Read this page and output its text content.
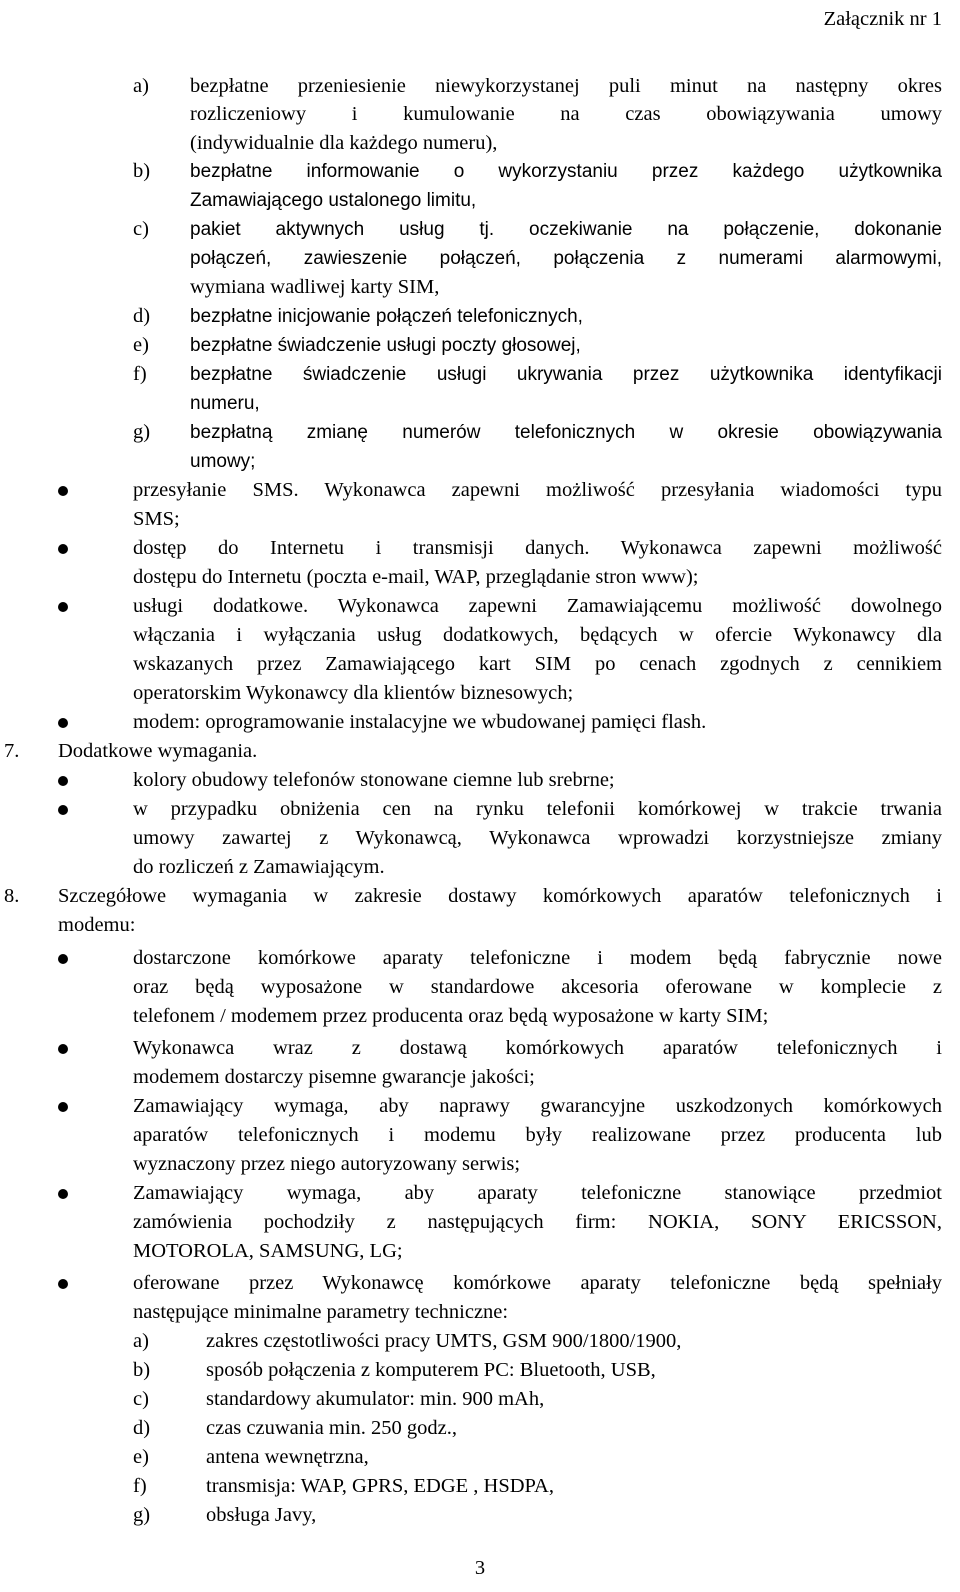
Załącznik nr 1
a) bezpłatne przeniesienie niewykorzystanej puli minut na następny okres
rozliczeniowy i kumulowanie na czas obowiązywania umowy
(indywidualnie dla każdego numeru),
b) bezpłatne informowanie o wykorzystaniu przez każdego użytkownika
Zamawiającego ustalonego limitu,
c) pakiet aktywnych usług tj. oczekiwanie na połączenie, dokonanie
połączeń, zawieszenie połączeń, połączenia z numerami alarmowymi,
wymiana wadliwej karty SIM,
d) bezpłatne inicjowanie połączeń telefonicznych,
e) bezpłatne świadczenie usługi poczty głosowej,
f) bezpłatne świadczenie usługi ukrywania przez użytkownika identyfikacji
numeru,
g) bezpłatną zmianę numerów telefonicznych w okresie obowiązywania
umowy;
przesyłanie SMS. Wykonawca zapewni możliwość przesyłania wiadomości typu
SMS;
dostęp do Internetu i transmisji danych. Wykonawca zapewni możliwość
dostępu do Internetu (poczta e-mail, WAP, przeglądanie stron www);
usługi dodatkowe. Wykonawca zapewni Zamawiającemu możliwość dowolnego
włączania i wyłączania usług dodatkowych, będących w ofercie Wykonawcy dla
wskazanych przez Zamawiającego kart SIM po cenach zgodnych z cennikiem
operatorskim Wykonawcy dla klientów biznesowych;
modem: oprogramowanie instalacyjne we wbudowanej pamięci flash.
7. Dodatkowe wymagania.
kolory obudowy telefonów stonowane ciemne lub srebrne;
w przypadku obniżenia cen na rynku telefonii komórkowej w trakcie trwania
umowy zawartej z Wykonawcą, Wykonawca wprowadzi korzystniejsze zmiany
do rozliczeń z Zamawiającym.
8. Szczegółowe wymagania w zakresie dostawy komórkowych aparatów telefonicznych i
modemu:
dostarczone komórkowe aparaty telefoniczne i modem będą fabrycznie nowe
oraz będą wyposażone w standardowe akcesoria oferowane w komplecie z
telefonem / modemem przez producenta oraz będą wyposażone w karty SIM;
Wykonawca wraz z dostawą komórkowych aparatów telefonicznych i
modemem dostarczy pisemne gwarancje jakości;
Zamawiający wymaga, aby naprawy gwarancyjne uszkodzonych komórkowych
aparatów telefonicznych i modemu były realizowane przez producenta lub
wyznaczony przez niego autoryzowany serwis;
Zamawiający wymaga, aby aparaty telefoniczne stanowiące przedmiot
zamówienia pochodziły z następujących firm: NOKIA, SONY ERICSSON,
MOTOROLA, SAMSUNG, LG;
oferowane przez Wykonawcę komórkowe aparaty telefoniczne będą spełniały
następujące minimalne parametry techniczne:
a)	zakres częstotliwości pracy UMTS, GSM 900/1800/1900,
b)	sposób połączenia z komputerem PC: Bluetooth, USB,
c)	standardowy akumulator: min. 900 mAh,
d)	czas czuwania min. 250 godz.,
e)	antena wewnętrzna,
f)	transmisja: WAP, GPRS, EDGE , HSDPA,
g)	obsługa Javy,
3
